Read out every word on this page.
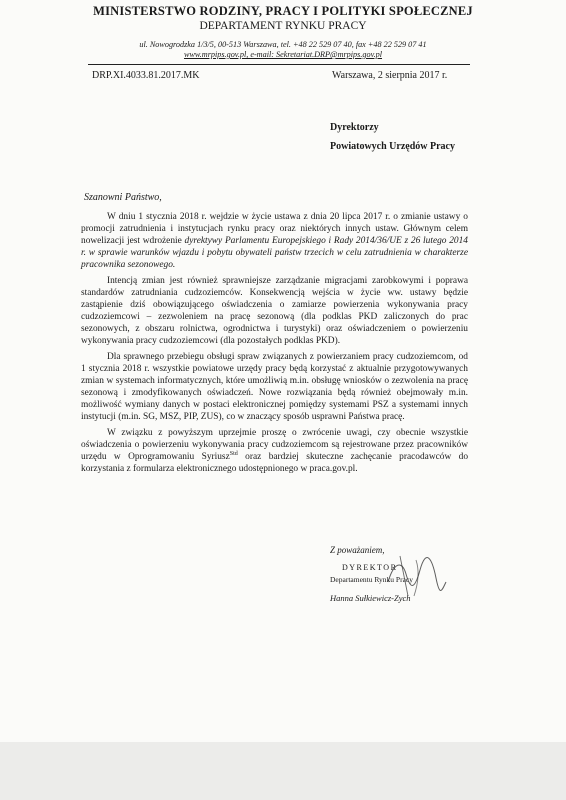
MINISTERSTWO RODZINY, PRACY I POLITYKI SPOŁECZNEJ
DEPARTAMENT RYNKU PRACY
ul. Nowogrodzka 1/3/5, 00-513 Warszawa, tel. +48 22 529 07 40, fax +48 22 529 07 41
www.mrpips.gov.pl, e-mail: Sekretariat.DRP@mrpips.gov.pl
DRP.XI.4033.81.2017.MK	Warszawa, 2 sierpnia 2017 r.
Dyrektorzy
Powiatowych Urzędów Pracy
Szanowni Państwo,

W dniu 1 stycznia 2018 r. wejdzie w życie ustawa z dnia 20 lipca 2017 r. o zmianie ustawy o promocji zatrudnienia i instytucjach rynku pracy oraz niektórych innych ustaw. Głównym celem nowelizacji jest wdrożenie dyrektywy Parlamentu Europejskiego i Rady 2014/36/UE z 26 lutego 2014 r. w sprawie warunków wjazdu i pobytu obywateli państw trzecich w celu zatrudnienia w charakterze pracownika sezonowego.

Intencją zmian jest również sprawniejsze zarządzanie migracjami zarobkowymi i poprawa standardów zatrudniania cudzoziemców. Konsekwencją wejścia w życie ww. ustawy będzie zastąpienie dziś obowiązującego oświadczenia o zamiarze powierzenia wykonywania pracy cudzoziemcowi – zezwoleniem na pracę sezonową (dla podklas PKD zaliczonych do prac sezonowych, z obszaru rolnictwa, ogrodnictwa i turystyki) oraz oświadczeniem o powierzeniu wykonywania pracy cudzoziemcowi (dla pozostałych podklas PKD).

Dla sprawnego przebiegu obsługi spraw związanych z powierzaniem pracy cudzoziemcom, od 1 stycznia 2018 r. wszystkie powiatowe urzędy pracy będą korzystać z aktualnie przygotowywanych zmian w systemach informatycznych, które umożliwią m.in. obsługę wniosków o zezwolenia na pracę sezonową i zmodyfikowanych oświadczeń. Nowe rozwiązania będą również obejmowały m.in. możliwość wymiany danych w postaci elektronicznej pomiędzy systemami PSZ a systemami innych instytucji (m.in. SG, MSZ, PIP, ZUS), co w znaczący sposób usprawni Państwa pracę.

W związku z powyższym uprzejmie proszę o zwrócenie uwagi, czy obecnie wszystkie oświadczenia o powierzeniu wykonywania pracy cudzoziemcom są rejestrowane przez pracowników urzędu w Oprogramowaniu Syriusz$^{Std}$ oraz bardziej skuteczne zachęcanie pracodawców do korzystania z formularza elektronicznego udostępnionego w praca.gov.pl.

Z poważaniem,
DYREKTOR
Departamentu Rynku Pracy
Hanna Sułkiewicz-Zych
